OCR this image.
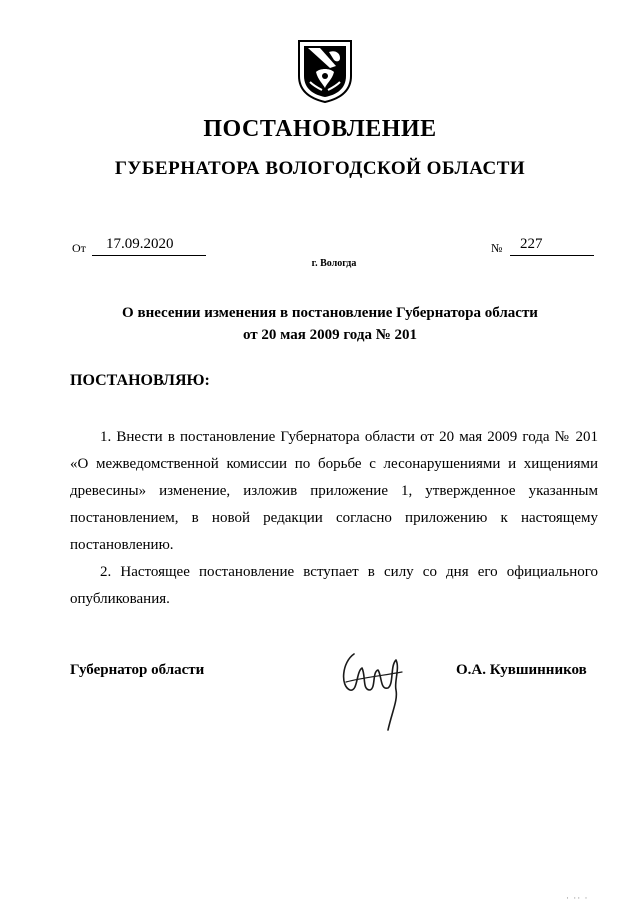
ПОСТАНОВЛЕНИЕ
ГУБЕРНАТОРА ВОЛОГОДСКОЙ ОБЛАСТИ
От	17.09.2020	№	227
г. Вологда
О внесении изменения в постановление Губернатора области
от 20 мая 2009 года № 201
ПОСТАНОВЛЯЮ:

1. Внести в постановление Губернатора области от 20 мая 2009 года № 201 «О межведомственной комиссии по борьбе с лесонарушениями и хищениями древесины» изменение, изложив приложение 1, утвержденное указанным постановлением, в новой редакции согласно приложению к настоящему постановлению.

2. Настоящее постановление вступает в силу со дня его официального опубликования.

Губернатор области	О.А. Кувшинников
· ·· ·
